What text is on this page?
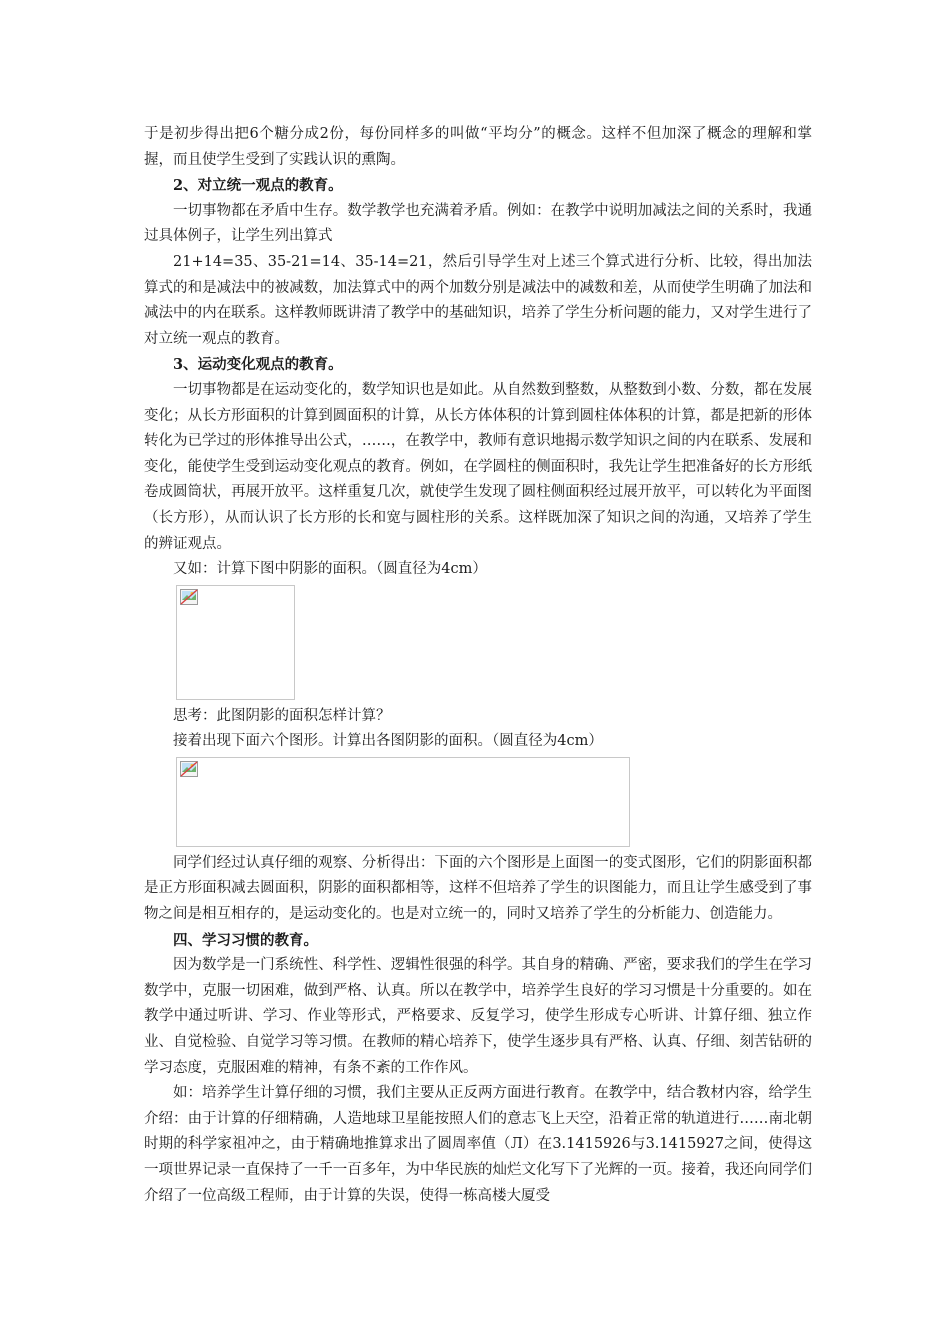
于是初步得出把6个糖分成2份，每份同样多的叫做“平均分”的概念。这样不但加深了概念的理解和掌握，而且使学生受到了实践认识的熏陶。

2、对立统一观点的教育。

一切事物都在矛盾中生存。数学教学也充满着矛盾。例如：在教学中说明加减法之间的关系时，我通过具体例子，让学生列出算式

21+14=35、35-21=14、35-14=21，然后引导学生对上述三个算式进行分析、比较，得出加法算式的和是减法中的被减数，加法算式中的两个加数分别是减法中的减数和差，从而使学生明确了加法和减法中的内在联系。这样教师既讲清了教学中的基础知识，培养了学生分析问题的能力，又对学生进行了对立统一观点的教育。

3、运动变化观点的教育。

一切事物都是在运动变化的，数学知识也是如此。从自然数到整数，从整数到小数、分数，都在发展变化；从长方形面积的计算到圆面积的计算，从长方体体积的计算到圆柱体体积的计算，都是把新的形体转化为已学过的形体推导出公式，……，在教学中，教师有意识地揭示数学知识之间的内在联系、发展和变化，能使学生受到运动变化观点的教育。例如，在学圆柱的侧面积时，我先让学生把准备好的长方形纸卷成圆筒状，再展开放平。这样重复几次，就使学生发现了圆柱侧面积经过展开放平，可以转化为平面图（长方形），从而认识了长方形的长和宽与圆柱形的关系。这样既加深了知识之间的沟通，又培养了学生的辨证观点。

又如：计算下图中阴影的面积。（圆直径为4cm）

思考：此图阴影的面积怎样计算？

接着出现下面六个图形。计算出各图阴影的面积。（圆直径为4cm）

同学们经过认真仔细的观察、分析得出：下面的六个图形是上面图一的变式图形，它们的阴影面积都是正方形面积减去圆面积，阴影的面积都相等，这样不但培养了学生的识图能力，而且让学生感受到了事物之间是相互相存的，是运动变化的。也是对立统一的，同时又培养了学生的分析能力、创造能力。

四、学习习惯的教育。

因为数学是一门系统性、科学性、逻辑性很强的科学。其自身的精确、严密，要求我们的学生在学习数学中，克服一切困难，做到严格、认真。所以在教学中，培养学生良好的学习习惯是十分重要的。如在教学中通过听讲、学习、作业等形式，严格要求、反复学习，使学生形成专心听讲、计算仔细、独立作业、自觉检验、自觉学习等习惯。在教师的精心培养下，使学生逐步具有严格、认真、仔细、刻苦钻研的学习态度，克服困难的精神，有条不紊的工作作风。

如：培养学生计算仔细的习惯，我们主要从正反两方面进行教育。在教学中，结合教材内容，给学生介绍：由于计算的仔细精确，人造地球卫星能按照人们的意志飞上天空，沿着正常的轨道进行……南北朝时期的科学家祖冲之，由于精确地推算求出了圆周率值（Л）在3.1415926与3.1415927之间，使得这一项世界记录一直保持了一千一百多年，为中华民族的灿烂文化写下了光辉的一页。接着，我还向同学们介绍了一位高级工程师，由于计算的失误，使得一栋高楼大厦受
